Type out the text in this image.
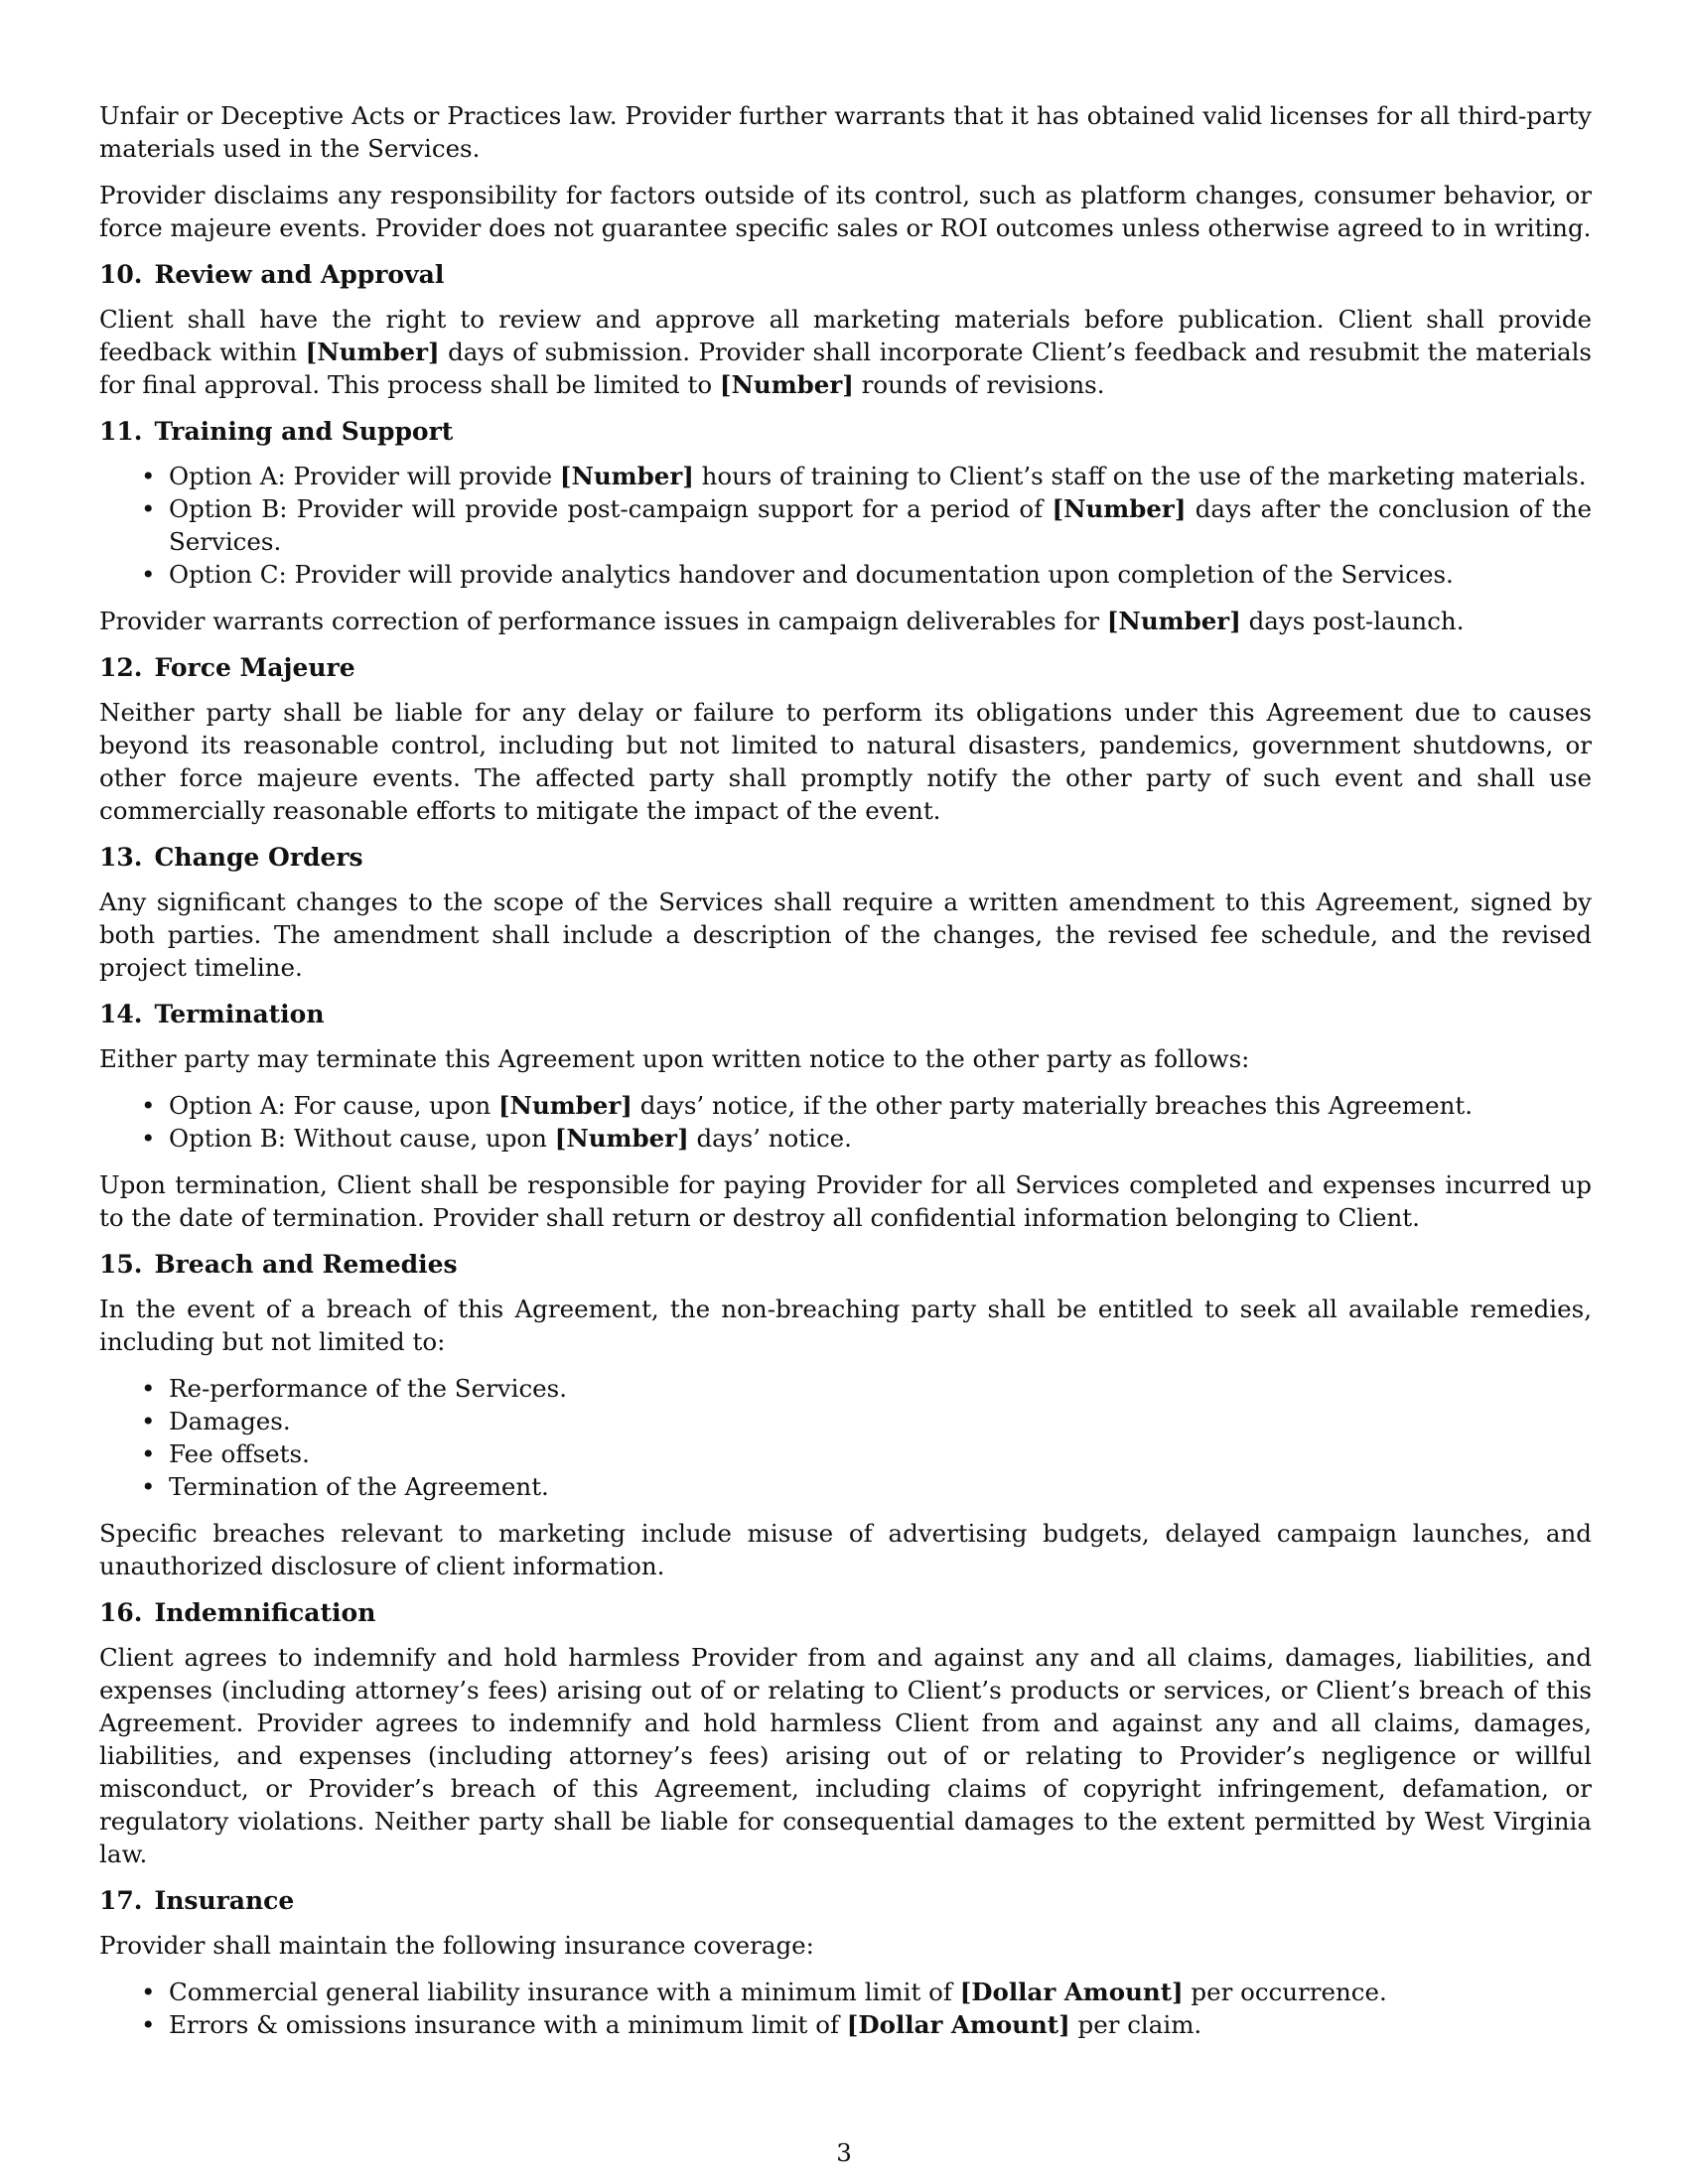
Unfair or Deceptive Acts or Practices law. Provider further warrants that it has obtained valid licenses for all third-party materials used in the Services.

Provider disclaims any responsibility for factors outside of its control, such as platform changes, consumer behavior, or force majeure events. Provider does not guarantee specific sales or ROI outcomes unless otherwise agreed to in writing.

10. Review and Approval

Client shall have the right to review and approve all marketing materials before publication. Client shall provide feedback within [Number] days of submission. Provider shall incorporate Client’s feedback and resubmit the materials for final approval. This process shall be limited to [Number] rounds of revisions.

11. Training and Support
• Option A: Provider will provide [Number] hours of training to Client’s staff on the use of the marketing materials.
• Option B: Provider will provide post-campaign support for a period of [Number] days after the conclusion of the Services.
• Option C: Provider will provide analytics handover and documentation upon completion of the Services.

Provider warrants correction of performance issues in campaign deliverables for [Number] days post-launch.

12. Force Majeure

Neither party shall be liable for any delay or failure to perform its obligations under this Agreement due to causes beyond its reasonable control, including but not limited to natural disasters, pandemics, government shutdowns, or other force majeure events. The affected party shall promptly notify the other party of such event and shall use commercially reasonable efforts to mitigate the impact of the event.

13. Change Orders

Any significant changes to the scope of the Services shall require a written amendment to this Agreement, signed by both parties. The amendment shall include a description of the changes, the revised fee schedule, and the revised project timeline.

14. Termination

Either party may terminate this Agreement upon written notice to the other party as follows:

• Option A: For cause, upon [Number] days’ notice, if the other party materially breaches this Agreement.
• Option B: Without cause, upon [Number] days’ notice.

Upon termination, Client shall be responsible for paying Provider for all Services completed and expenses incurred up to the date of termination. Provider shall return or destroy all confidential information belonging to Client.

15. Breach and Remedies

In the event of a breach of this Agreement, the non-breaching party shall be entitled to seek all available remedies, including but not limited to:

• Re-performance of the Services.
• Damages.
• Fee offsets.
• Termination of the Agreement.

Specific breaches relevant to marketing include misuse of advertising budgets, delayed campaign launches, and unauthorized disclosure of client information.

16. Indemnification

Client agrees to indemnify and hold harmless Provider from and against any and all claims, damages, liabilities, and expenses (including attorney’s fees) arising out of or relating to Client’s products or services, or Client’s breach of this Agreement. Provider agrees to indemnify and hold harmless Client from and against any and all claims, damages, liabilities, and expenses (including attorney’s fees) arising out of or relating to Provider’s negligence or willful misconduct, or Provider’s breach of this Agreement, including claims of copyright infringement, defamation, or regulatory violations. Neither party shall be liable for consequential damages to the extent permitted by West Virginia law.

17. Insurance

Provider shall maintain the following insurance coverage:

• Commercial general liability insurance with a minimum limit of [Dollar Amount] per occurrence.
• Errors & omissions insurance with a minimum limit of [Dollar Amount] per claim.
3
